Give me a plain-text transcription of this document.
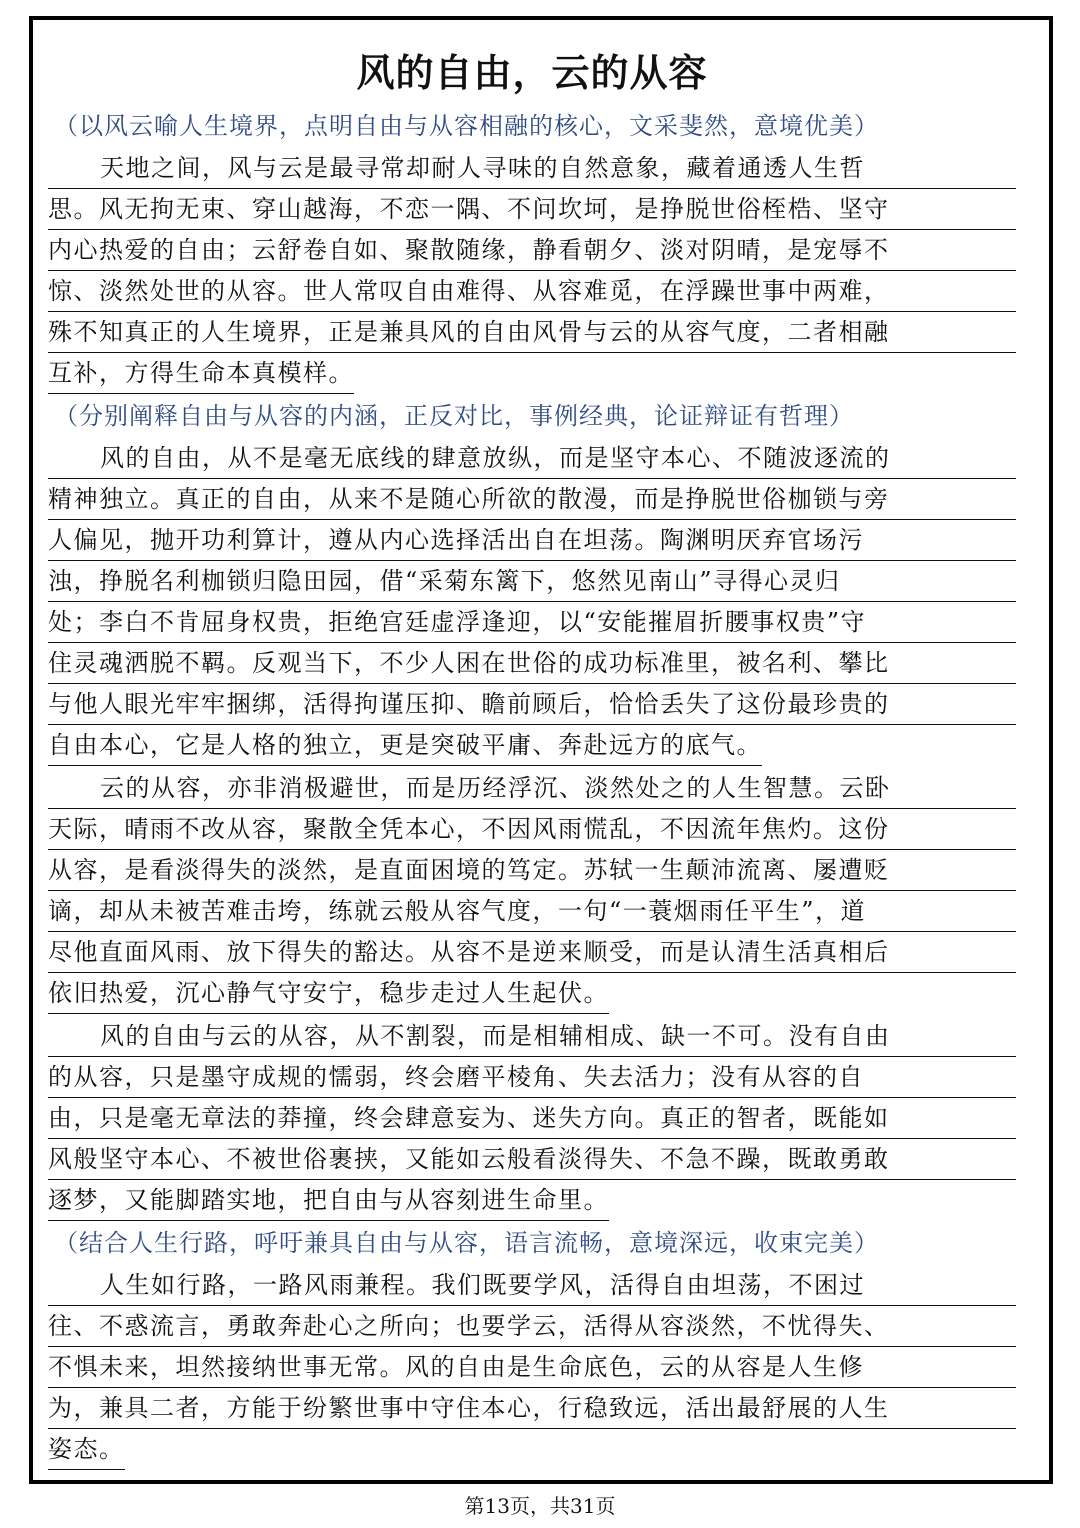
风的自由，云的从容
（以风云喻人生境界，点明自由与从容相融的核心，文采斐然，意境优美）
天地之间，风与云是最寻常却耐人寻味的自然意象，藏着通透人生哲
思。风无拘无束、穿山越海，不恋一隅、不问坎坷，是挣脱世俗桎梏、坚守
内心热爱的自由；云舒卷自如、聚散随缘，静看朝夕、淡对阴晴，是宠辱不
惊、淡然处世的从容。世人常叹自由难得、从容难觅，在浮躁世事中两难，
殊不知真正的人生境界，正是兼具风的自由风骨与云的从容气度，二者相融
互补，方得生命本真模样。
（分别阐释自由与从容的内涵，正反对比，事例经典，论证辩证有哲理）
风的自由，从不是毫无底线的肆意放纵，而是坚守本心、不随波逐流的
精神独立。真正的自由，从来不是随心所欲的散漫，而是挣脱世俗枷锁与旁
人偏见，抛开功利算计，遵从内心选择活出自在坦荡。陶渊明厌弃官场污
浊，挣脱名利枷锁归隐田园，借“采菊东篱下，悠然见南山”寻得心灵归
处；李白不肯屈身权贵，拒绝宫廷虚浮逢迎，以“安能摧眉折腰事权贵”守
住灵魂洒脱不羁。反观当下，不少人困在世俗的成功标准里，被名利、攀比
与他人眼光牢牢捆绑，活得拘谨压抑、瞻前顾后，恰恰丢失了这份最珍贵的
自由本心，它是人格的独立，更是突破平庸、奔赴远方的底气。
云的从容，亦非消极避世，而是历经浮沉、淡然处之的人生智慧。云卧
天际，晴雨不改从容，聚散全凭本心，不因风雨慌乱，不因流年焦灼。这份
从容，是看淡得失的淡然，是直面困境的笃定。苏轼一生颠沛流离、屡遭贬
谪，却从未被苦难击垮，练就云般从容气度，一句“一蓑烟雨任平生”，道
尽他直面风雨、放下得失的豁达。从容不是逆来顺受，而是认清生活真相后
依旧热爱，沉心静气守安宁，稳步走过人生起伏。
风的自由与云的从容，从不割裂，而是相辅相成、缺一不可。没有自由
的从容，只是墨守成规的懦弱，终会磨平棱角、失去活力；没有从容的自
由，只是毫无章法的莽撞，终会肆意妄为、迷失方向。真正的智者，既能如
风般坚守本心、不被世俗裹挟，又能如云般看淡得失、不急不躁，既敢勇敢
逐梦，又能脚踏实地，把自由与从容刻进生命里。
（结合人生行路，呼吁兼具自由与从容，语言流畅，意境深远，收束完美）
人生如行路，一路风雨兼程。我们既要学风，活得自由坦荡，不困过
往、不惑流言，勇敢奔赴心之所向；也要学云，活得从容淡然，不忧得失、
不惧未来，坦然接纳世事无常。风的自由是生命底色，云的从容是人生修
为，兼具二者，方能于纷繁世事中守住本心，行稳致远，活出最舒展的人生
姿态。
第13页，共31页
